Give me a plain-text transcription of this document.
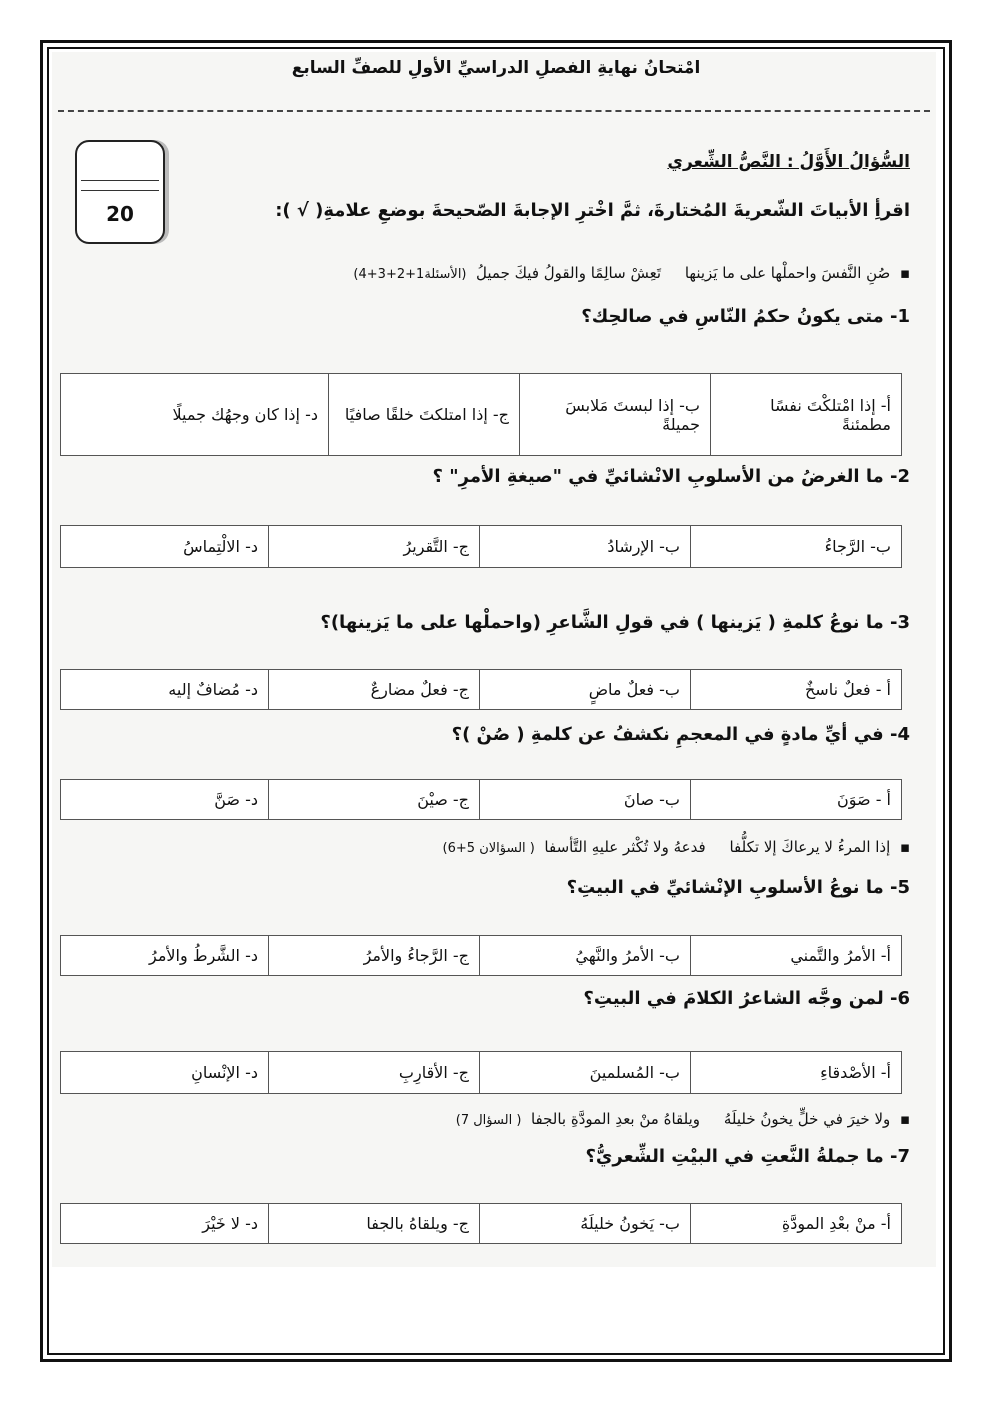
امْتحانُ نهايةِ الفصلِ الدراسيِّ الأولِ للصفِّ السابع
20
السُّؤالُ الأَوَّلُ : النَّصُّ الشِّعري
اقرأِ الأبياتَ الشّعريةَ المُختارةَ، ثمَّ اخْترِ الإجابةَ الصّحيحةَ بوضعِ علامةِ( √ ):
▪  صُنِ النَّفسَ واحملْها على ما يَزينها     تَعِشْ سالِمًا والقولُ فيكَ جميلُ  (الأسئلة1+2+3+4)
1- متى يكونُ حكمُ النّاسِ في صالحِك؟
أ- إذا امْتلكْتَ نفسًا مطمئنةً	ب- إذا لبستَ مَلابسَ جميلةً	ج- إذا امتلكتَ خلقًا صافيًا	د- إذا كان وجهُك جميلًا
2- ما الغرضُ من الأسلوبِ الانْشائيِّ في "صيغةِ الأمرِ" ؟
ب- الرَّجاءُ	ب- الإرشادُ	ج- التَّقريرُ	د- الالْتِماسُ
3- ما نوعُ كلمةِ ( يَزينها ) في قولِ الشَّاعرِ (واحملْها على ما يَزينها)؟
أ - فعلٌ ناسخٌ	ب- فعلٌ ماضٍ	ج- فعلٌ مضارعٌ	د- مُضافٌ إليه
4- في أيِّ مادةٍ في المعجمِ نكشفُ عن كلمةِ ( صُنْ )؟
أ - صَوَنَ	ب- صانَ	ج- صيْنَ	د- صَنَّ
▪  إذا المرءُ لا يرعاكَ إلا تكلُّفا     فدعهُ ولا تُكْثر عليهِ التَّأسفا  ( السؤالان 5+6)
5- ما نوعُ الأسلوبِ الإنْشائيِّ في البيتِ؟
أ- الأمرُ والتَّمني	ب- الأمرُ والنَّهيُ	ج- الرَّجاءُ والأمرُ	د- الشَّرطُ والأمرُ
6- لمن وجَّه الشاعرُ الكلامَ في البيتِ؟
أ- الأصْدقاءِ	ب- المُسلمينَ	ج- الأقارِبِ	د- الإنْسانِ
▪  ولا خيرَ في خلٍّ يخونُ خليلَهُ     ويلقاهُ منْ بعدِ المودَّةِ بالجفا  ( السؤال 7)
7- ما جملةُ النَّعتِ في البيْتِ الشِّعريُّ؟
أ- منْ بعْدِ المودَّةِ	ب- يَخونُ خليلَهُ	ج- ويلقاهُ بالجفا	د- لا خَيْرَ
